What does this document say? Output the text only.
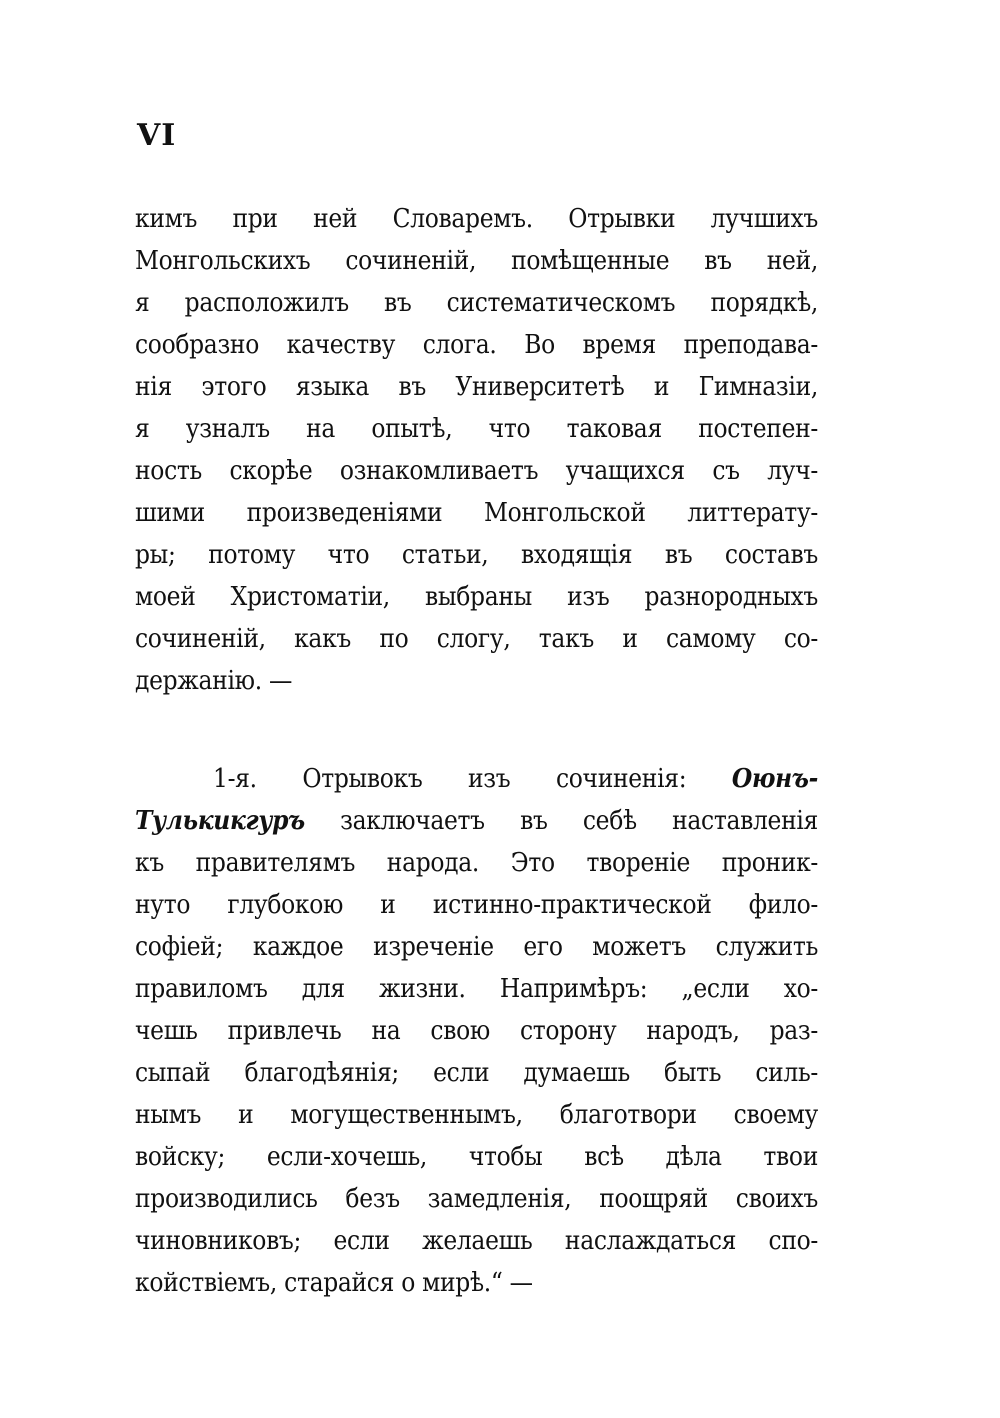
VI
кимъ при ней Словаремъ. Отрывки лучшихъ
Монгольскихъ сочиненій, помѣщенные въ ней,
я расположилъ въ систематическомъ порядкѣ,
сообразно качеству слога. Во время преподава-
нія этого языка въ Университетѣ и Гимназіи,
я узналъ на опытѣ, что таковая постепен-
ность скорѣе ознакомливаетъ учащихся съ луч-
шими произведеніями Монгольской литтерату-
ры; потому что статьи, входящія въ составъ
моей Христоматіи, выбраны изъ разнородныхъ
сочиненій, какъ по слогу, такъ и самому со-
держанію. —
1-я. Отрывокъ изъ сочиненія: Оюнъ-
Тулькикгуръ заключаетъ въ себѣ наставленія
къ правителямъ народа. Это твореніе проник-
нуто глубокою и истинно-практической фило-
софіей; каждое изреченіе его можетъ служить
правиломъ для жизни. Напримѣръ: „если хо-
чешь привлечь на свою сторону народъ, раз-
сыпай благодѣянія; если думаешь быть силь-
нымъ и могущественнымъ, благотвори своему
войску; если-хочешь, чтобы всѣ дѣла твои
производились безъ замедленія, поощряй своихъ
чиновниковъ; если желаешь наслаждаться спо-
койствіемъ, старайся о мирѣ.“ —
